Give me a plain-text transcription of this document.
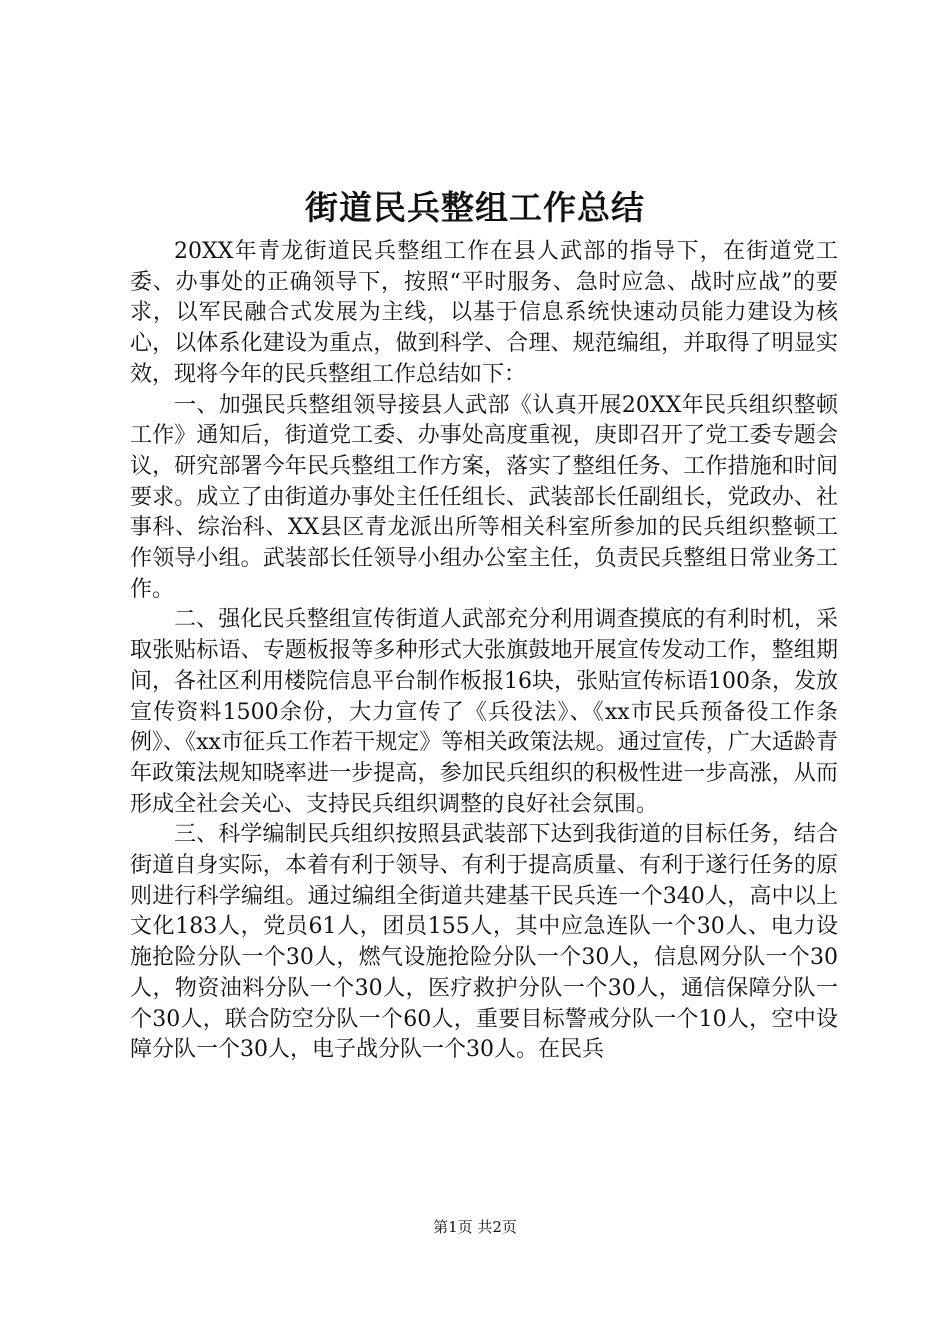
街道民兵整组工作总结

20XX年青龙街道民兵整组工作在县人武部的指导下，在街道党工委、办事处的正确领导下，按照“平时服务、急时应急、战时应战”的要求，以军民融合式发展为主线，以基于信息系统快速动员能力建设为核心，以体系化建设为重点，做到科学、合理、规范编组，并取得了明显实效，现将今年的民兵整组工作总结如下：

一、加强民兵整组领导接县人武部《认真开展20XX年民兵组织整顿工作》通知后，街道党工委、办事处高度重视，庚即召开了党工委专题会议，研究部署今年民兵整组工作方案，落实了整组任务、工作措施和时间要求。成立了由街道办事处主任任组长、武装部长任副组长，党政办、社事科、综治科、XX县区青龙派出所等相关科室所参加的民兵组织整顿工作领导小组。武装部长任领导小组办公室主任，负责民兵整组日常业务工作。

二、强化民兵整组宣传街道人武部充分利用调查摸底的有利时机，采取张贴标语、专题板报等多种形式大张旗鼓地开展宣传发动工作，整组期间，各社区利用楼院信息平台制作板报16块，张贴宣传标语100条，发放宣传资料1500余份，大力宣传了《兵役法》、《xx市民兵预备役工作条例》、《xx市征兵工作若干规定》等相关政策法规。通过宣传，广大适龄青年政策法规知晓率进一步提高，参加民兵组织的积极性进一步高涨，从而形成全社会关心、支持民兵组织调整的良好社会氛围。

三、科学编制民兵组织按照县武装部下达到我街道的目标任务，结合街道自身实际，本着有利于领导、有利于提高质量、有利于遂行任务的原则进行科学编组。通过编组全街道共建基干民兵连一个340人，高中以上文化183人，党员61人，团员155人，其中应急连队一个30人、电力设施抢险分队一个30人，燃气设施抢险分队一个30人，信息网分队一个30人，物资油料分队一个30人，医疗救护分队一个30人，通信保障分队一个30人，联合防空分队一个60人，重要目标警戒分队一个10人，空中设障分队一个30人，电子战分队一个30人。在民兵

第1页 共2页
